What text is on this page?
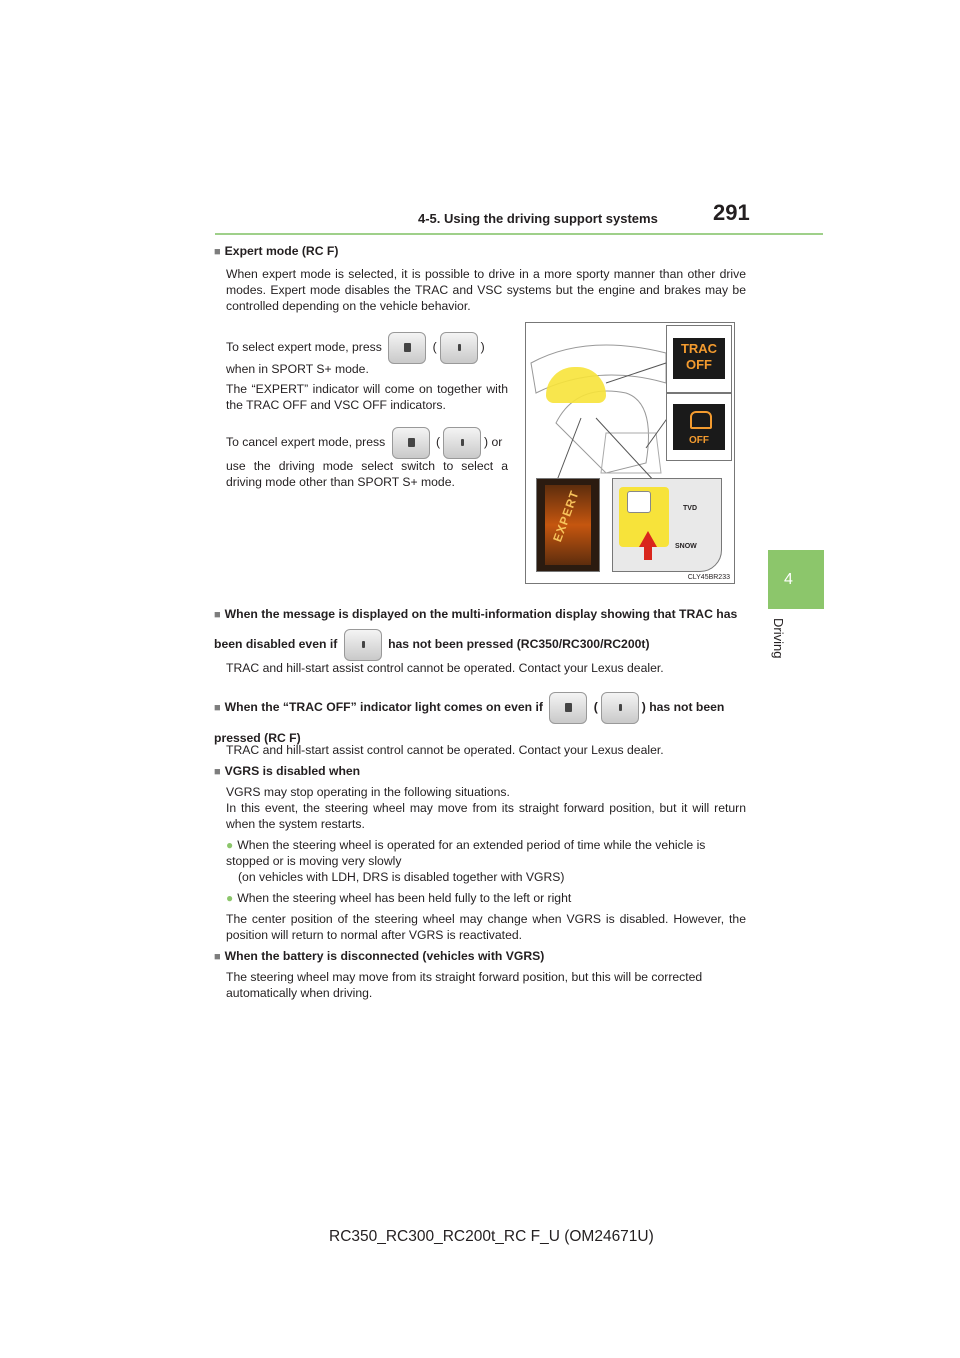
4-5. Using the driving support systems	291
4
Driving
■ Expert mode (RC F)
When expert mode is selected, it is possible to drive in a more sporty manner than other drive modes. Expert mode disables the TRAC and VSC systems but the engine and brakes may be controlled depending on the vehicle behavior.
To select expert mode, press	(	)
when in SPORT S+ mode.
The “EXPERT” indicator will come on together with the TRAC OFF and VSC OFF indicators.
To cancel expert mode, press	(	) or
use the driving mode select switch to select a driving mode other than SPORT S+ mode.
TRAC
OFF
OFF
EXPERT	TVD
SNOW
CLY45BR233
■ When the message is displayed on the multi-information display showing that TRAC has been disabled even if	has not been pressed (RC350/RC300/RC200t)
TRAC and hill-start assist control cannot be operated. Contact your Lexus dealer.
■ When the “TRAC OFF” indicator light comes on even if	(	) has not been pressed (RC F)
TRAC and hill-start assist control cannot be operated. Contact your Lexus dealer.
■ VGRS is disabled when
VGRS may stop operating in the following situations.
In this event, the steering wheel may move from its straight forward position, but it will return when the system restarts.
● When the steering wheel is operated for an extended period of time while the vehicle is stopped or is moving very slowly
(on vehicles with LDH, DRS is disabled together with VGRS)
● When the steering wheel has been held fully to the left or right
The center position of the steering wheel may change when VGRS is disabled. However, the position will return to normal after VGRS is reactivated.
■ When the battery is disconnected (vehicles with VGRS)
The steering wheel may move from its straight forward position, but this will be corrected automatically when driving.
RC350_RC300_RC200t_RC F_U (OM24671U)
